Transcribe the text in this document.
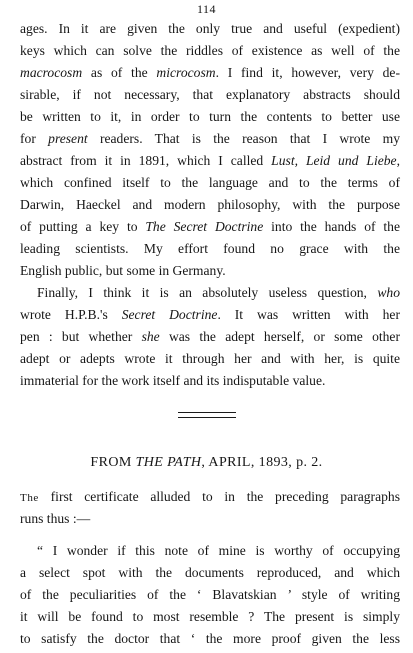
114
ages. In it are given the only true and useful (expedient)
keys which can solve the riddles of existence as well of the
macrocosm as of the microcosm. I find it, however, very de-
sirable, if not necessary, that explanatory abstracts should
be written to it, in order to turn the contents to better use
for present readers. That is the reason that I wrote my
abstract from it in 1891, which I called Lust, Leid und Liebe,
which confined itself to the language and to the terms of
Darwin, Haeckel and modern philosophy, with the purpose
of putting a key to The Secret Doctrine into the hands of the
leading scientists. My effort found no grace with the
English public, but some in Germany.
Finally, I think it is an absolutely useless question, who
wrote H.P.B.'s Secret Doctrine. It was written with her
pen : but whether she was the adept herself, or some other
adept or adepts wrote it through her and with her, is quite
immaterial for the work itself and its indisputable value.
FROM THE PATH, APRIL, 1893, p. 2.
The first certificate alluded to in the preceding paragraphs
runs thus :—
“ I wonder if this note of mine is worthy of occupying
a select spot with the documents reproduced, and which
of the peculiarities of the ‘ Blavatskian ’ style of writing
it will be found to most resemble ? The present is simply
to satisfy the doctor that ‘ the more proof given the less
